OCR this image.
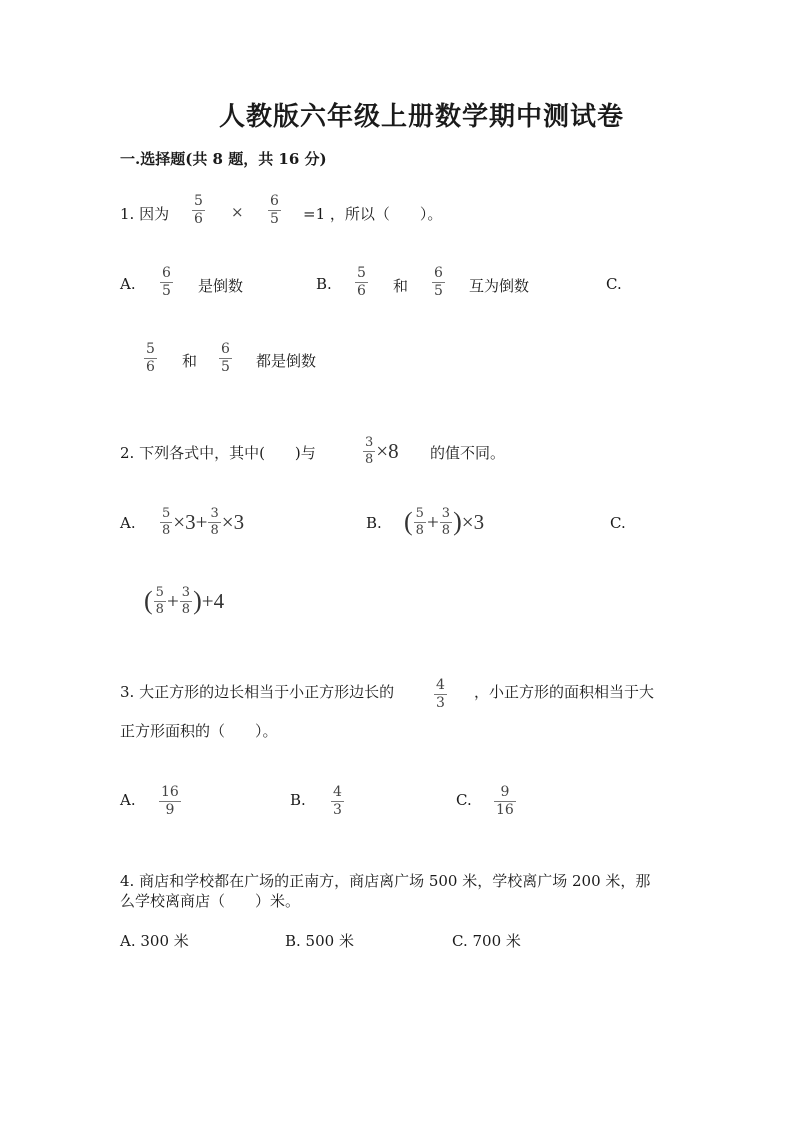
人教版六年级上册数学期中测试卷
一.选择题(共 8 题，共 16 分)
1. 因为
5
6 ×
6
5 =1 ，所以（　　）。
A.
6
5 是倒数	B.
5
6 和
6
5 互为倒数	C.
5
6 和
6
5 都是倒数
2. 下列各式中，其中(　　)与	$\frac{3}{8} \times 8$ 的值不同。
A. $\frac{5}{8} \times 3+ \frac{3}{8} \times 3$	B. ( $\frac{5}{8} + \frac{3}{8}$ ) ×3	C.
( $\frac{5}{8} + \frac{3}{8}$ ) +4
3. 大正方形的边长相当于小正方形边长的	4
3
，小正方形的面积相当于大
正方形面积的（　　）。
A. 16
9
B. 4
3
C. 9
16
4. 商店和学校都在广场的正南方，商店离广场 500 米，学校离广场 200 米，那
么学校离商店（　　）米。
A. 300 米	B. 500 米	C. 700 米
